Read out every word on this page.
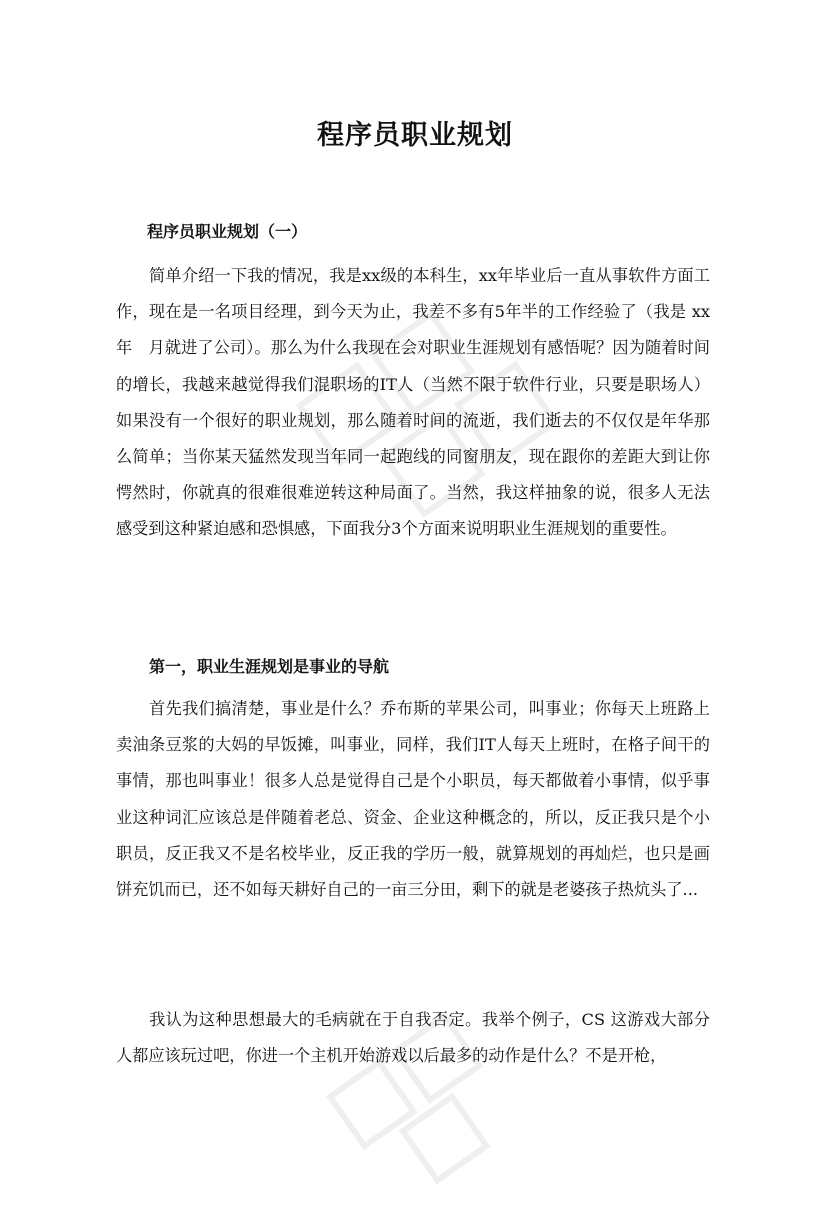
程序员职业规划
程序员职业规划（一）

简单介绍一下我的情况，我是xx级的本科生，xx年毕业后一直从事软件方面工作，现在是一名项目经理，到今天为止，我差不多有5年半的工作经验了（我是 xx 年　月就进了公司）。那么为什么我现在会对职业生涯规划有感悟呢？因为随着时间的增长，我越来越觉得我们混职场的IT人（当然不限于软件行业，只要是职场人）如果没有一个很好的职业规划，那么随着时间的流逝，我们逝去的不仅仅是年华那么简单；当你某天猛然发现当年同一起跑线的同窗朋友，现在跟你的差距大到让你愕然时，你就真的很难很难逆转这种局面了。当然，我这样抽象的说，很多人无法感受到这种紧迫感和恐惧感，下面我分3个方面来说明职业生涯规划的重要性。

第一，职业生涯规划是事业的导航

首先我们搞清楚，事业是什么？乔布斯的苹果公司，叫事业；你每天上班路上卖油条豆浆的大妈的早饭摊，叫事业，同样，我们IT人每天上班时，在格子间干的事情，那也叫事业！很多人总是觉得自己是个小职员，每天都做着小事情，似乎事业这种词汇应该总是伴随着老总、资金、企业这种概念的，所以，反正我只是个小职员，反正我又不是名校毕业，反正我的学历一般，就算规划的再灿烂，也只是画饼充饥而已，还不如每天耕好自己的一亩三分田，剩下的就是老婆孩子热炕头了...

我认为这种思想最大的毛病就在于自我否定。我举个例子，CS 这游戏大部分人都应该玩过吧，你进一个主机开始游戏以后最多的动作是什么？不是开枪，
